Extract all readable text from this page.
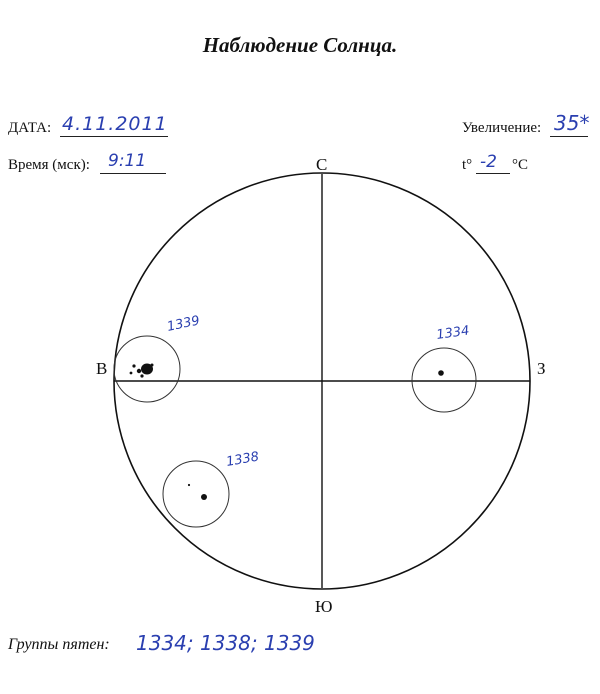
Наблюдение Солнца.
ДАТА: 4.11.2011
Время (мск): 9:11
Увеличение: 35*
t° -2 °С
1339	1334
1338
С
Ю
З
В
Группы пятен: 1334; 1338; 1339
